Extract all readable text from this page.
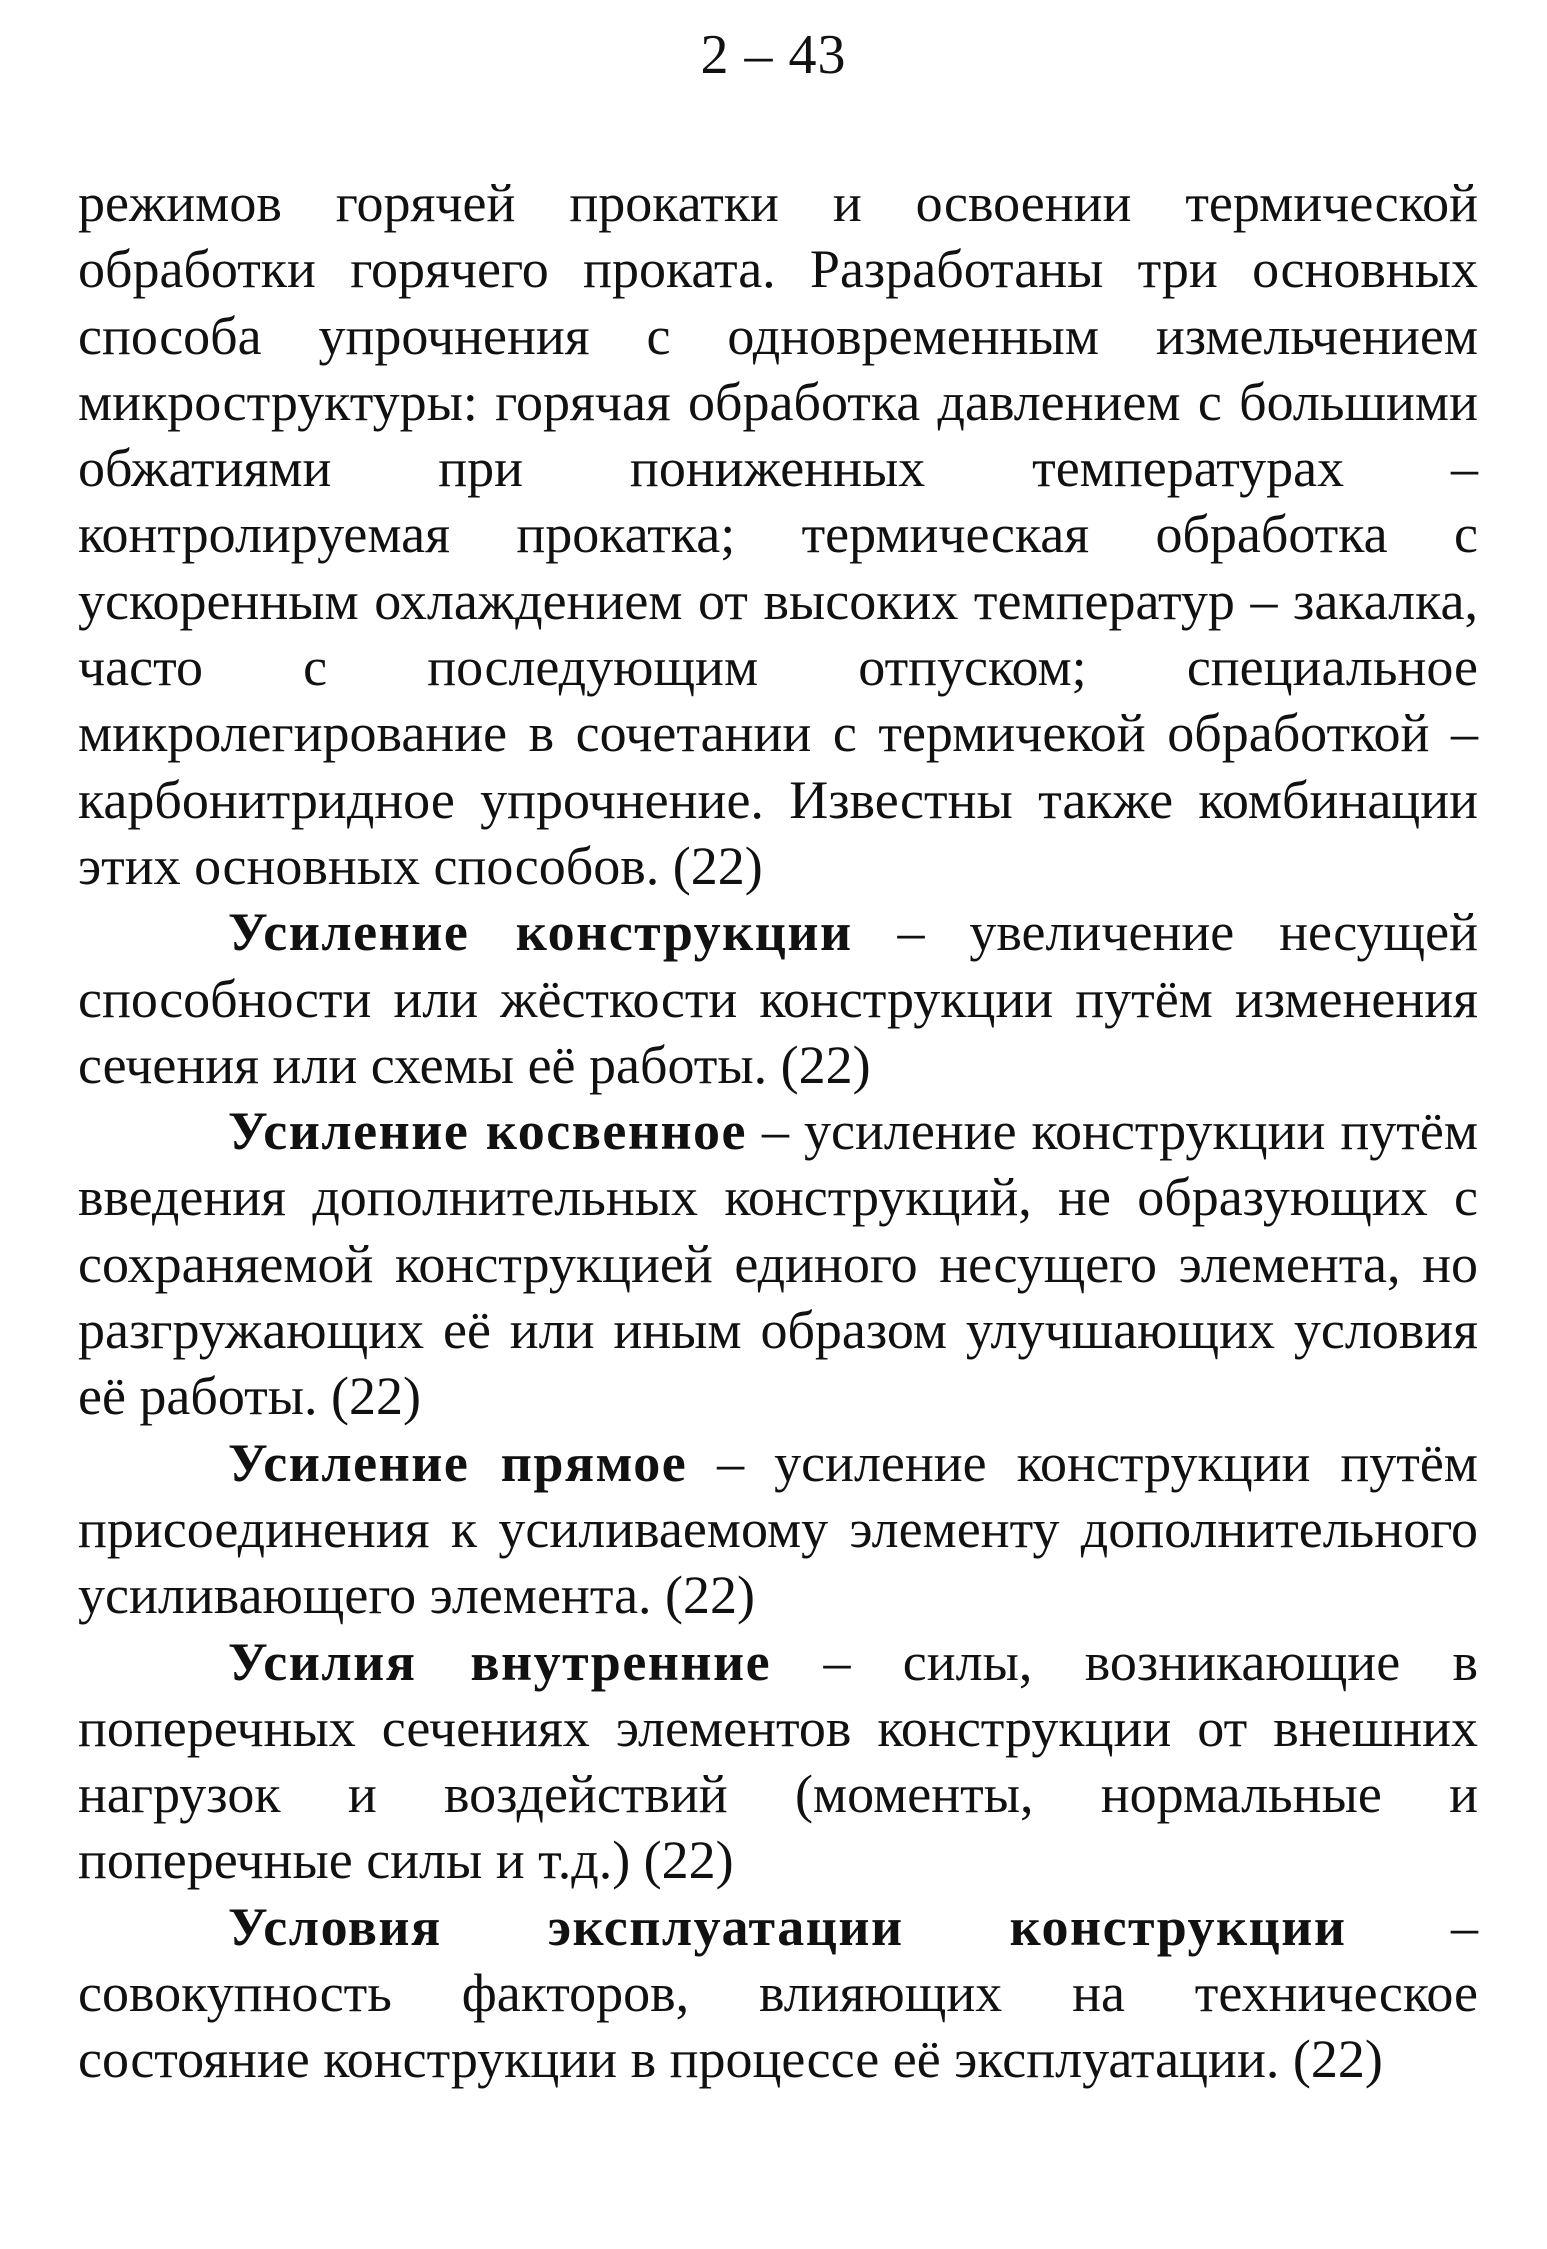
2 – 43

режимов горячей прокатки и освоении термической обработки горячего проката. Разработаны три основных способа упрочнения с одновременным измельчением микроструктуры: горячая обработка давлением с большими обжатиями при пониженных температурах – контролируемая прокатка; термическая обработка с ускоренным охлаждением от высоких температур – закалка, часто с последующим отпуском; специальное микролегирование в сочетании с термичекой обработкой – карбонитридное упрочнение. Известны также комбинации этих основных способов. (22)

Усиление конструкции – увеличение несущей способности или жёсткости конструкции путём изменения сечения или схемы её работы. (22)

Усиление косвенное – усиление конструкции путём введения дополнительных конструкций, не образующих с сохраняемой конструкцией единого несущего элемента, но разгружающих её или иным образом улучшающих условия её работы. (22)

Усиление прямое – усиление конструкции путём присоединения к усиливаемому элементу дополнительного усиливающего элемента. (22)

Усилия внутренние – силы, возникающие в поперечных сечениях элементов конструкции от внешних нагрузок и воздействий (моменты, нормальные и поперечные силы и т.д.) (22)

Условия эксплуатации конструкции – совокупность факторов, влияющих на техническое состояние конструкции в процессе её эксплуатации. (22)
